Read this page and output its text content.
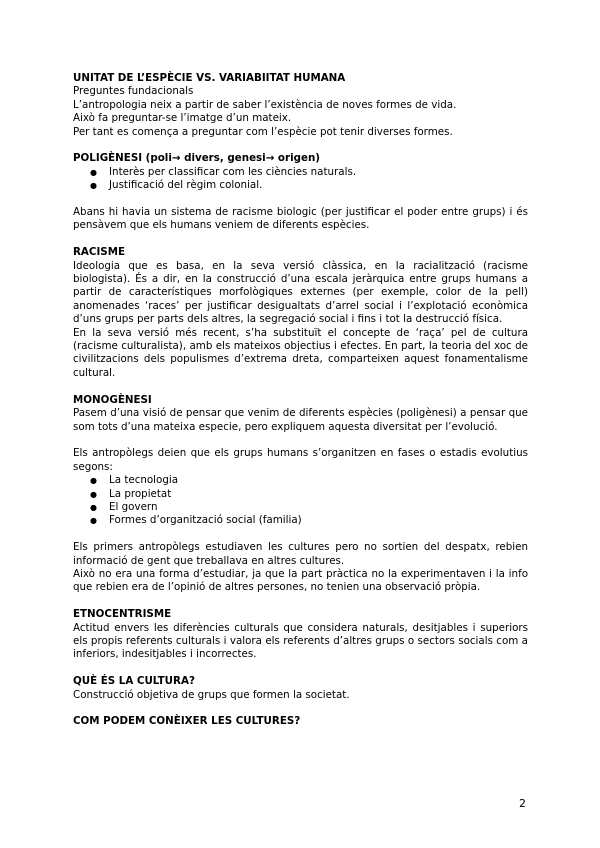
UNITAT DE L’ESPÈCIE VS. VARIABIITAT HUMANA

Preguntes fundacionals

L’antropologia neix a partir de saber l’existència de noves formes de vida.

Això fa preguntar-se l’imatge d’un mateix.

Per tant es comença a preguntar com l’espècie pot tenir diverses formes.

POLIGÈNESI (poli→ divers, genesi→ origen)

● Interès per classificar com les ciències naturals.
● Justificació del règim colonial.

Abans hi havia un sistema de racisme biologic (per justificar el poder entre grups) i és pensàvem que els humans veniem de diferents espècies.

RACISME

Ideologia que es basa, en la seva versió clàssica, en la racialització (racisme biologista). És a dir, en la construcció d’una escala jeràrquica entre grups humans a partir de característiques morfològiques externes (per exemple, color de la pell) anomenades ‘races’ per justificar desigualtats d’arrel social i l’explotació econòmica d’uns grups per parts dels altres, la segregació social i fins i tot la destrucció física.

En la seva versió més recent, s’ha substituït el concepte de ‘raça’ pel de cultura (racisme culturalista), amb els mateixos objectius i efectes. En part, la teoria del xoc de civilitzacions dels populismes d’extrema dreta, comparteixen aquest fonamentalisme cultural.

MONOGÈNESI

Pasem d’una visió de pensar que venim de diferents espècies (poligènesi) a pensar que som tots d’una mateixa especie, pero expliquem aquesta diversitat per l’evolució.

Els antropòlegs deien que els grups humans s’organitzen en fases o estadis evolutius segons:

● La tecnologia
● La propietat
● El govern
● Formes d’organització social (familia)

Els primers antropòlegs estudiaven les cultures pero no sortien del despatx, rebien informació de gent que treballava en altres cultures.

Això no era una forma d’estudiar, ja que la part pràctica no la experimentaven i la info que rebien era de l’opinió de altres persones, no tenien una observació pròpia.

ETNOCENTRISME

Actitud envers les diferències culturals que considera naturals, desitjables i superiors els propis referents culturals i valora els referents d’altres grups o sectors socials com a inferiors, indesitjables i incorrectes.

QUÈ ÉS LA CULTURA?

Construcció objetiva de grups que formen la societat.

COM PODEM CONÈIXER LES CULTURES?

2
